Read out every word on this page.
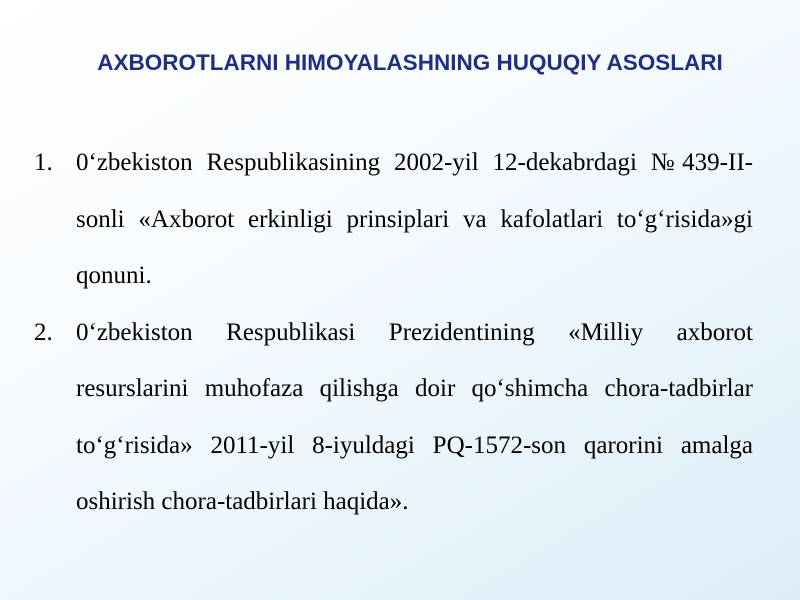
AXBOROTLARNI HIMOYALASHNING HUQUQIY ASOSLARI
1. 0‘zbekiston Respublikasining 2002-yil 12-dekabrdagi №439-II-sonli «Axborot erkinligi prinsiplari va kafolatlari to‘g‘risida»gi qonuni.
2. 0‘zbekiston Respublikasi Prezidentining «Milliy axborot resurslarini muhofaza qilishga doir qo‘shimcha chora-tadbirlar to‘g‘risida» 2011-yil 8-iyuldagi PQ-1572-son qarorini amalga oshirish chora-tadbirlari haqida».
